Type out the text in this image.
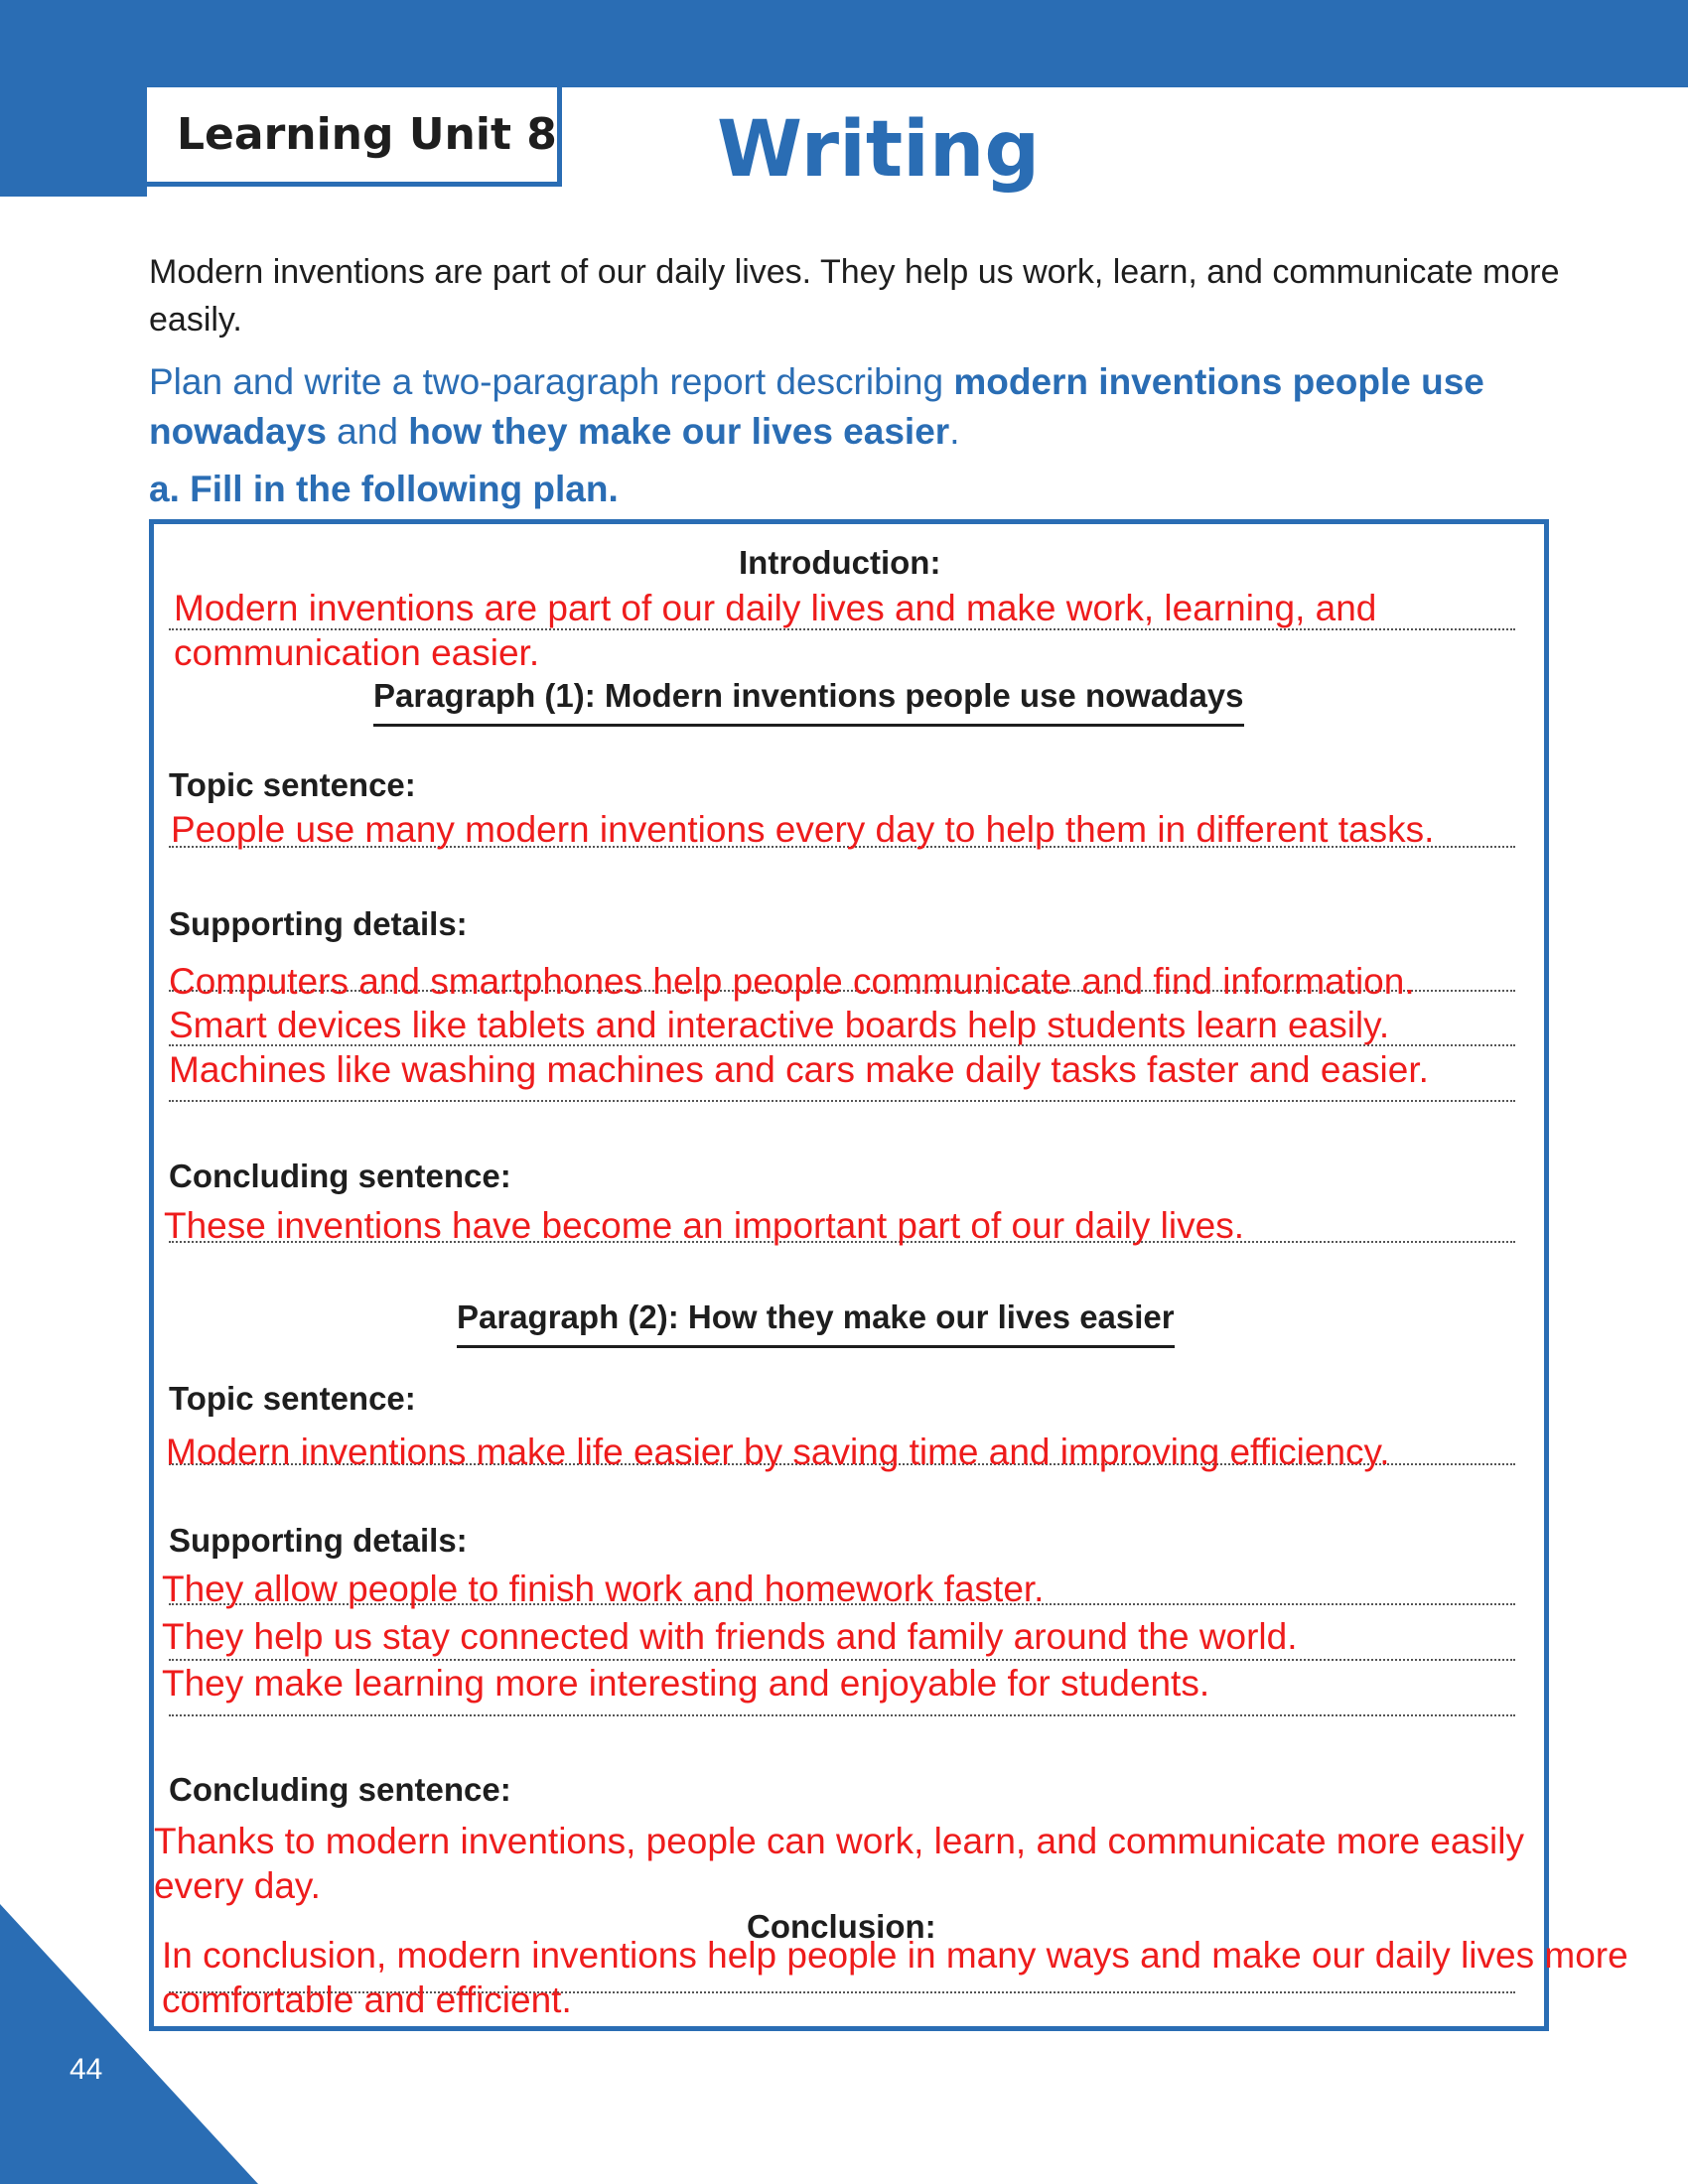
Learning Unit 8 Writing
Modern inventions are part of our daily lives. They help us work, learn, and communicate more easily.
Plan and write a two-paragraph report describing modern inventions people use nowadays and how they make our lives easier.
a. Fill in the following plan.
Introduction:
Modern inventions are part of our daily lives and make work, learning, and communication easier.
Paragraph (1): Modern inventions people use nowadays
Topic sentence:
People use many modern inventions every day to help them in different tasks.
Supporting details:
Computers and smartphones help people communicate and find information.
Smart devices like tablets and interactive boards help students learn easily.
Machines like washing machines and cars make daily tasks faster and easier.
Concluding sentence:
These inventions have become an important part of our daily lives.
Paragraph (2): How they make our lives easier
Topic sentence:
Modern inventions make life easier by saving time and improving efficiency.
Supporting details:
They allow people to finish work and homework faster.
They help us stay connected with friends and family around the world.
They make learning more interesting and enjoyable for students.
Concluding sentence:
Thanks to modern inventions, people can work, learn, and communicate more easily every day.
Conclusion:
In conclusion, modern inventions help people in many ways and make our daily lives more comfortable and efficient.
44
